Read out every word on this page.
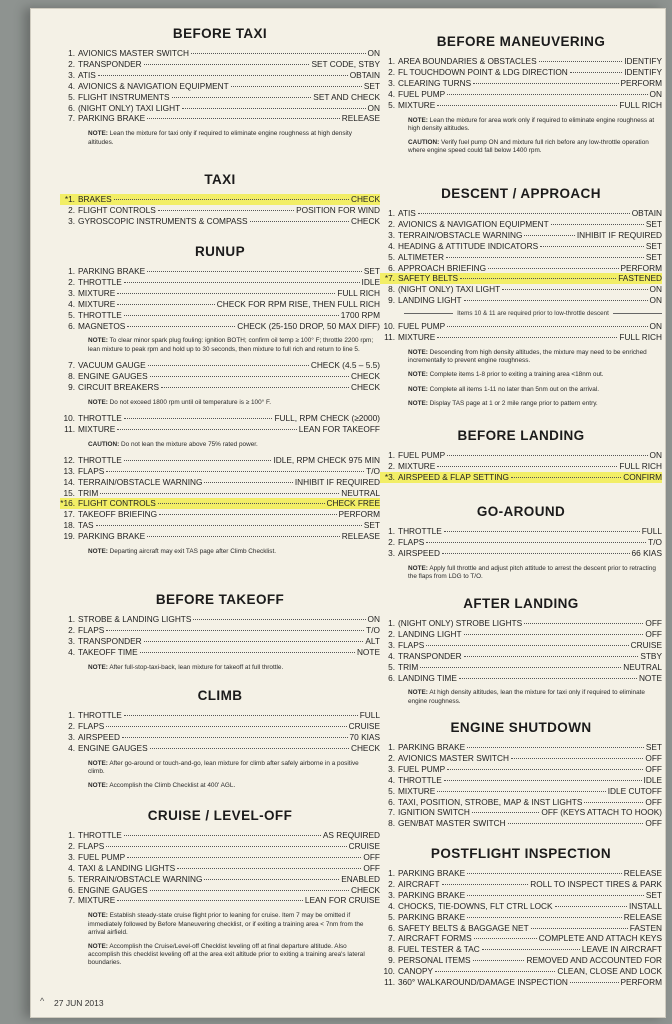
BEFORE TAXI
1. AVIONICS MASTER SWITCH	ON
2. TRANSPONDER	SET CODE, STBY
3. ATIS	OBTAIN
4. AVIONICS & NAVIGATION EQUIPMENT	SET
5. FLIGHT INSTRUMENTS	SET AND CHECK
6. (NIGHT ONLY) TAXI LIGHT	ON
7. PARKING BRAKE	RELEASE
NOTE: Lean the mixture for taxi only if required to eliminate engine roughness at high density altitudes.
TAXI
*1. BRAKES	CHECK
2. FLIGHT CONTROLS	POSITION FOR WIND
3. GYROSCOPIC INSTRUMENTS & COMPASS	CHECK
RUNUP
1. PARKING BRAKE	SET
2. THROTTLE	IDLE
3. MIXTURE	FULL RICH
4. MIXTURE	CHECK FOR RPM RISE, THEN FULL RICH
5. THROTTLE	1700 RPM
6. MAGNETOS	CHECK (25-150 DROP, 50 MAX DIFF)
NOTE: To clear minor spark plug fouling: ignition BOTH; confirm oil temp ≥ 100° F; throttle 2200 rpm; lean mixture to peak rpm and hold up to 30 seconds, then mixture to full rich and return to line 5.
7. VACUUM GAUGE	CHECK (4.5 – 5.5)
8. ENGINE GAUGES	CHECK
9. CIRCUIT BREAKERS	CHECK
NOTE: Do not exceed 1800 rpm until oil temperature is ≥ 100° F.
10. THROTTLE	FULL, RPM CHECK (≥2000)
11. MIXTURE	LEAN FOR TAKEOFF
CAUTION: Do not lean the mixture above 75% rated power.
12. THROTTLE	IDLE, RPM CHECK 975 MIN
13. FLAPS	T/O
14. TERRAIN/OBSTACLE WARNING	INHIBIT IF REQUIRED
15. TRIM	NEUTRAL
*16. FLIGHT CONTROLS	CHECK FREE
17. TAKEOFF BRIEFING	PERFORM
18. TAS	SET
19. PARKING BRAKE	RELEASE
NOTE: Departing aircraft may exit TAS page after Climb Checklist.
BEFORE TAKEOFF
1. STROBE & LANDING LIGHTS	ON
2. FLAPS	T/O
3. TRANSPONDER	ALT
4. TAKEOFF TIME	NOTE
NOTE: After full-stop-taxi-back, lean mixture for takeoff at full throttle.
CLIMB
1. THROTTLE	FULL
2. FLAPS	CRUISE
3. AIRSPEED	70 KIAS
4. ENGINE GAUGES	CHECK
NOTE: After go-around or touch-and-go, lean mixture for climb after safely airborne in a positive climb.
NOTE: Accomplish the Climb Checklist at 400' AGL.
CRUISE / LEVEL-OFF
1. THROTTLE	AS REQUIRED
2. FLAPS	CRUISE
3. FUEL PUMP	OFF
4. TAXI & LANDING LIGHTS	OFF
5. TERRAIN/OBSTACLE WARNING	ENABLED
6. ENGINE GAUGES	CHECK
7. MIXTURE	LEAN FOR CRUISE
NOTE: Establish steady-state cruise flight prior to leaning for cruise. Item 7 may be omitted if immediately followed by Before Maneuvering checklist, or if exiting a training area < 7nm from the arrival airfield.
NOTE: Accomplish the Cruise/Level-off Checklist leveling off at final departure altitude. Also accomplish this checklist leveling off at the area exit altitude prior to exiting a training area's lateral boundaries.
BEFORE MANEUVERING
1. AREA BOUNDARIES & OBSTACLES	IDENTIFY
2. FL TOUCHDOWN POINT & LDG DIRECTION	IDENTIFY
3. CLEARING TURNS	PERFORM
4. FUEL PUMP	ON
5. MIXTURE	FULL RICH
NOTE: Lean the mixture for area work only if required to eliminate engine roughness at high density altitudes.
CAUTION: Verify fuel pump ON and mixture full rich before any low-throttle operation where engine speed could fall below 1400 rpm.
DESCENT / APPROACH
1. ATIS	OBTAIN
2. AVIONICS & NAVIGATION EQUIPMENT	SET
3. TERRAIN/OBSTACLE WARNING	INHIBIT IF REQUIRED
4. HEADING & ATTITUDE INDICATORS	SET
5. ALTIMETER	SET
6. APPROACH BRIEFING	PERFORM
*7. SAFETY BELTS	FASTENED
8. (NIGHT ONLY) TAXI LIGHT	ON
9. LANDING LIGHT	ON
Items 10 & 11 are required prior to low-throttle descent
10. FUEL PUMP	ON
11. MIXTURE	FULL RICH
NOTE: Descending from high density altitudes, the mixture may need to be enriched incrementally to prevent engine roughness.
NOTE: Complete items 1-8 prior to exiting a training area <18nm out.
NOTE: Complete all items 1-11 no later than 5nm out on the arrival.
NOTE: Display TAS page at 1 or 2 mile range prior to pattern entry.
BEFORE LANDING
1. FUEL PUMP	ON
2. MIXTURE	FULL RICH
*3. AIRSPEED & FLAP SETTING	CONFIRM
GO-AROUND
1. THROTTLE	FULL
2. FLAPS	T/O
3. AIRSPEED	66 KIAS
NOTE: Apply full throttle and adjust pitch attitude to arrest the descent prior to retracting the flaps from LDG to T/O.
AFTER LANDING
1. (NIGHT ONLY) STROBE LIGHTS	OFF
2. LANDING LIGHT	OFF
3. FLAPS	CRUISE
4. TRANSPONDER	STBY
5. TRIM	NEUTRAL
6. LANDING TIME	NOTE
NOTE: At high density altitudes, lean the mixture for taxi only if required to eliminate engine roughness.
ENGINE SHUTDOWN
1. PARKING BRAKE	SET
2. AVIONICS MASTER SWITCH	OFF
3. FUEL PUMP	OFF
4. THROTTLE	IDLE
5. MIXTURE	IDLE CUTOFF
6. TAXI, POSITION, STROBE, MAP & INST LIGHTS	OFF
7. IGNITION SWITCH	OFF (KEYS ATTACH TO HOOK)
8. GEN/BAT MASTER SWITCH	OFF
POSTFLIGHT INSPECTION
1. PARKING BRAKE	RELEASE
2. AIRCRAFT	ROLL TO INSPECT TIRES & PARK
3. PARKING BRAKE	SET
4. CHOCKS, TIE-DOWNS, FLT CTRL LOCK	INSTALL
5. PARKING BRAKE	RELEASE
6. SAFETY BELTS & BAGGAGE NET	FASTEN
7. AIRCRAFT FORMS	COMPLETE AND ATTACH KEYS
8. FUEL TESTER & TAC	LEAVE IN AIRCRAFT
9. PERSONAL ITEMS	REMOVED AND ACCOUNTED FOR
10. CANOPY	CLEAN, CLOSE AND LOCK
11. 360° WALKAROUND/DAMAGE INSPECTION	PERFORM
^ 27 JUN 2013
